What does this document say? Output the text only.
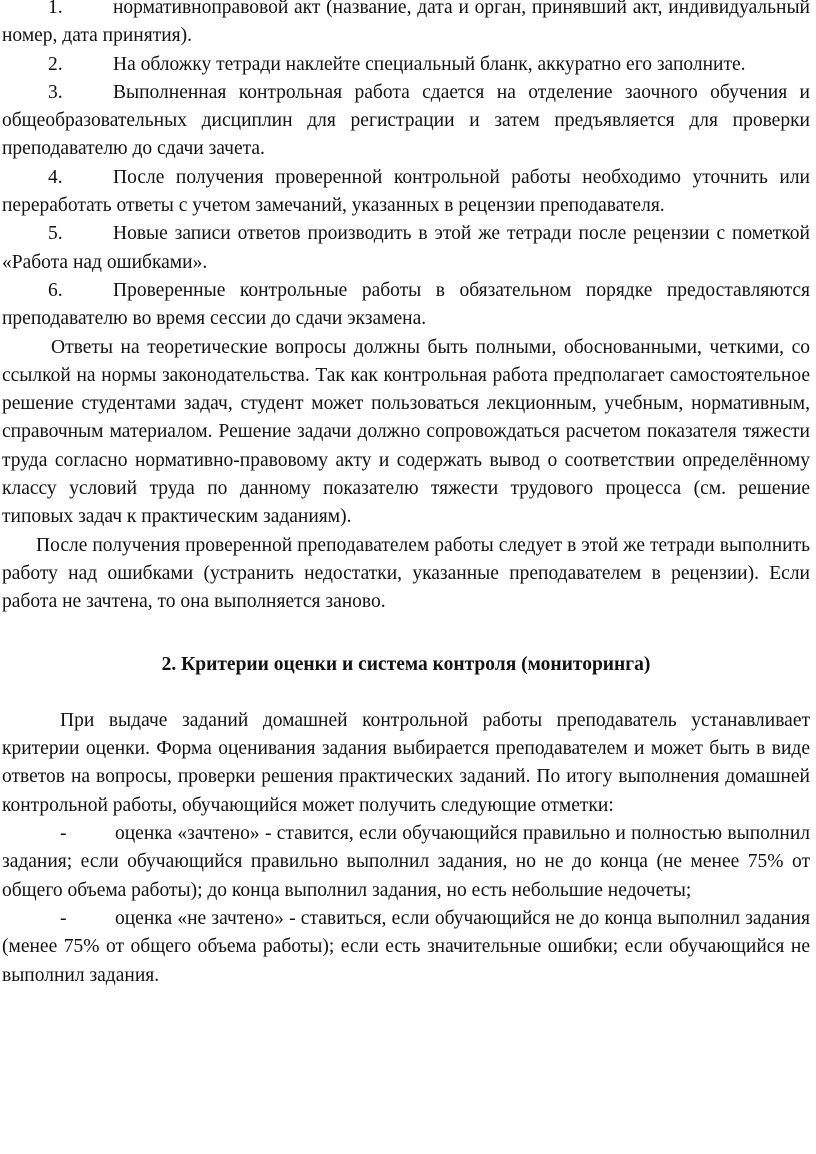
1.	нормативноправовой акт (название, дата и орган, принявший акт, индивидуальный номер, дата принятия).

2.	На обложку тетради наклейте специальный бланк, аккуратно его заполните.

3.	Выполненная контрольная работа сдается на отделение заочного обучения и общеобразовательных дисциплин для регистрации и затем предъявляется для проверки преподавателю до сдачи зачета.

4.	После получения проверенной контрольной работы необходимо уточнить или переработать ответы с учетом замечаний, указанных в рецензии преподавателя.

5.	Новые записи ответов производить в этой же тетради после рецензии с пометкой «Работа над ошибками».

6.	Проверенные контрольные работы в обязательном порядке предоставляются преподавателю во время сессии до сдачи экзамена.

Ответы на теоретические вопросы должны быть полными, обоснованными, четкими, со ссылкой на нормы законодательства. Так как контрольная работа предполагает самостоятельное решение студентами задач, студент может пользоваться лекционным, учебным, нормативным, справочным материалом. Решение задачи должно сопровождаться расчетом показателя тяжести труда согласно нормативно-правовому акту и содержать вывод о соответствии определённому классу условий труда по данному показателю тяжести трудового процесса (см. решение типовых задач к практическим заданиям).

После получения проверенной преподавателем работы следует в этой же тетради выполнить работу над ошибками (устранить недостатки, указанные преподавателем в рецензии). Если работа не зачтена, то она выполняется заново.

2. Критерии оценки и система контроля (мониторинга)

При выдаче заданий домашней контрольной работы преподаватель устанавливает критерии оценки. Форма оценивания задания выбирается преподавателем и может быть в виде ответов на вопросы, проверки решения практических заданий. По итогу выполнения домашней контрольной работы, обучающийся может получить следующие отметки:

- оценка «зачтено» - ставится, если обучающийся правильно и полностью выполнил задания; если обучающийся правильно выполнил задания, но не до конца (не менее 75% от общего объема работы); до конца выполнил задания, но есть небольшие недочеты;

- оценка «не зачтено» - ставиться, если обучающийся не до конца выполнил задания (менее 75% от общего объема работы); если есть значительные ошибки; если обучающийся не выполнил задания.
